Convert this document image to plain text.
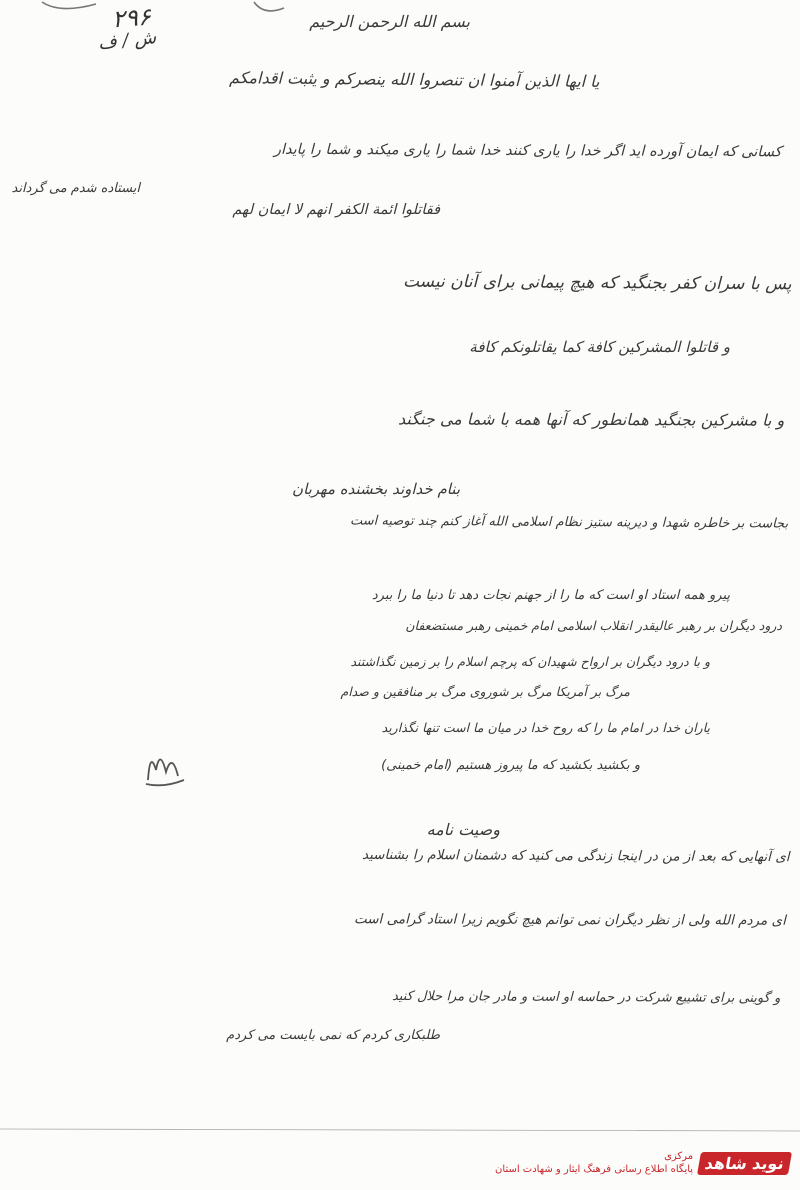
۲۹۶
ش / ف
بسم الله الرحمن الرحیم
یا ایها الذین آمنوا ان تنصروا الله ینصرکم و یثبت اقدامکم
کسانی که ایمان آورده اید اگر خدا را یاری کنند خدا شما را یاری میکند و شما را پایدار
ایستاده شدم می گرداند
فقاتلوا ائمة الکفر انهم لا ایمان لهم
پس با سران کفر بجنگید که هیچ پیمانی برای آنان نیست
و قاتلوا المشرکین کافة کما یقاتلونکم کافة
و با مشرکین بجنگید همانطور که آنها همه با شما می جنگند
بنام خداوند بخشنده مهربان
بجاست بر خاطره شهدا و دیرینه ستیز نظام اسلامی الله آغاز کنم چند توصیه است
پیرو همه استاد او است که ما را از جهنم نجات دهد تا دنیا ما را ببرد
درود دیگران بر رهبر عالیقدر انقلاب اسلامی امام خمینی رهبر مستضعفان
و با درود دیگران بر ارواح شهیدان که پرچم اسلام را بر زمین نگذاشتند
مرگ بر آمریکا مرگ بر شوروی مرگ بر منافقین و صدام
یاران خدا در امام ما را که روح خدا در میان ما است تنها نگذارید
و بکشید بکشید که ما پیروز هستیم (امام خمینی)
وصیت نامه
ای آنهایی که بعد از من در اینجا زندگی می کنید که دشمنان اسلام را بشناسید
ای مردم الله ولی از نظر دیگران نمی توانم هیچ نگویم زیرا استاد گرامی است
و گوینی برای تشییع شرکت در حماسه او است و مادر جان مرا حلال کنید
طلبکاری کردم که نمی بایست می کردم
نوید شاهد
مرکزی
پایگاه اطلاع رسانی فرهنگ ایثار و شهادت استان
